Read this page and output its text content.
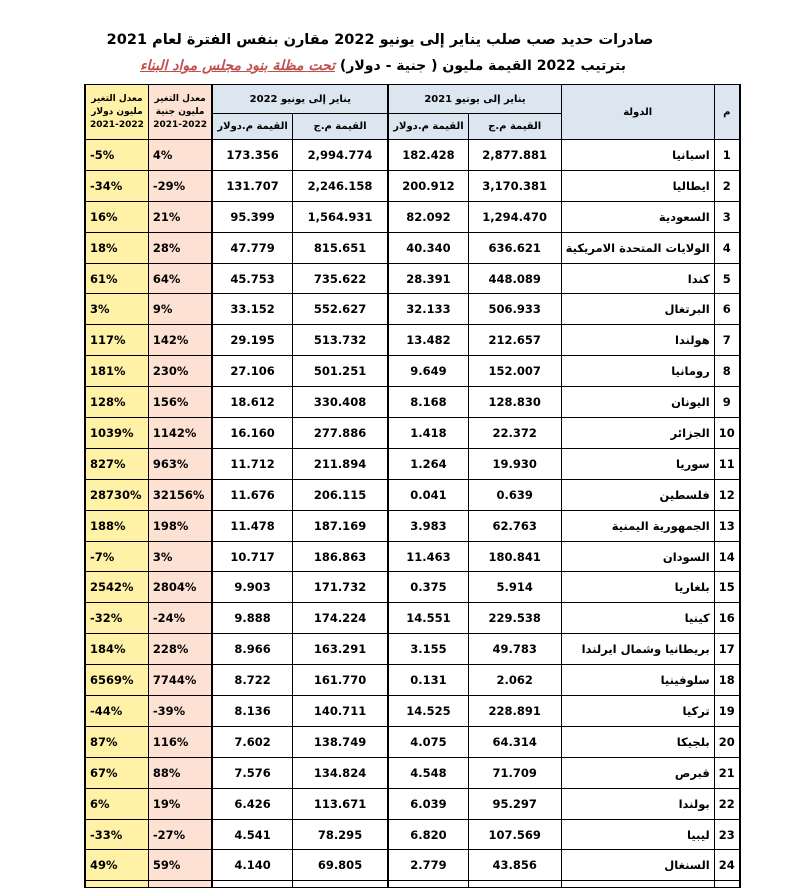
صادرات حديد صب صلب يناير إلى يونيو 2022 مقارن بنفس الفترة لعام 2021
بترتيب 2022 القيمة مليون ( جنية - دولار) تحت مظلة بنود مجلس مواد البناء
م	الدولة	يناير إلى يونيو 2021		يناير إلى يونيو 2022		معدل التغير مليون جنية 2022-2021	معدل التغير مليون دولار 2022-2021
		القيمة م.ج	القيمة م.دولار	القيمة م.ج	القيمة م.دولار		
1	اسبانيا	2,877.881	182.428	2,994.774	173.356	4%	-5%
2	ايطاليا	3,170.381	200.912	2,246.158	131.707	-29%	-34%
3	السعودية	1,294.470	82.092	1,564.931	95.399	21%	16%
4	الولايات المتحدة الامريكية	636.621	40.340	815.651	47.779	28%	18%
5	كندا	448.089	28.391	735.622	45.753	64%	61%
6	البرتغال	506.933	32.133	552.627	33.152	9%	3%
7	هولندا	212.657	13.482	513.732	29.195	142%	117%
8	رومانيا	152.007	9.649	501.251	27.106	230%	181%
9	اليونان	128.830	8.168	330.408	18.612	156%	128%
10	الجزائر	22.372	1.418	277.886	16.160	1142%	1039%
11	سوريا	19.930	1.264	211.894	11.712	963%	827%
12	فلسطين	0.639	0.041	206.115	11.676	32156%	28730%
13	الجمهورية اليمنية	62.763	3.983	187.169	11.478	198%	188%
14	السودان	180.841	11.463	186.863	10.717	3%	-7%
15	بلغاريا	5.914	0.375	171.732	9.903	2804%	2542%
16	كينيا	229.538	14.551	174.224	9.888	-24%	-32%
17	بريطانيا وشمال ايرلندا	49.783	3.155	163.291	8.966	228%	184%
18	سلوفينيا	2.062	0.131	161.770	8.722	7744%	6569%
19	تركيا	228.891	14.525	140.711	8.136	-39%	-44%
20	بلجيكا	64.314	4.075	138.749	7.602	116%	87%
21	قبرص	71.709	4.548	134.824	7.576	88%	67%
22	بولندا	95.297	6.039	113.671	6.426	19%	6%
23	ليبيا	107.569	6.820	78.295	4.541	-27%	-33%
24	السنغال	43.856	2.779	69.805	4.140	59%	49%
